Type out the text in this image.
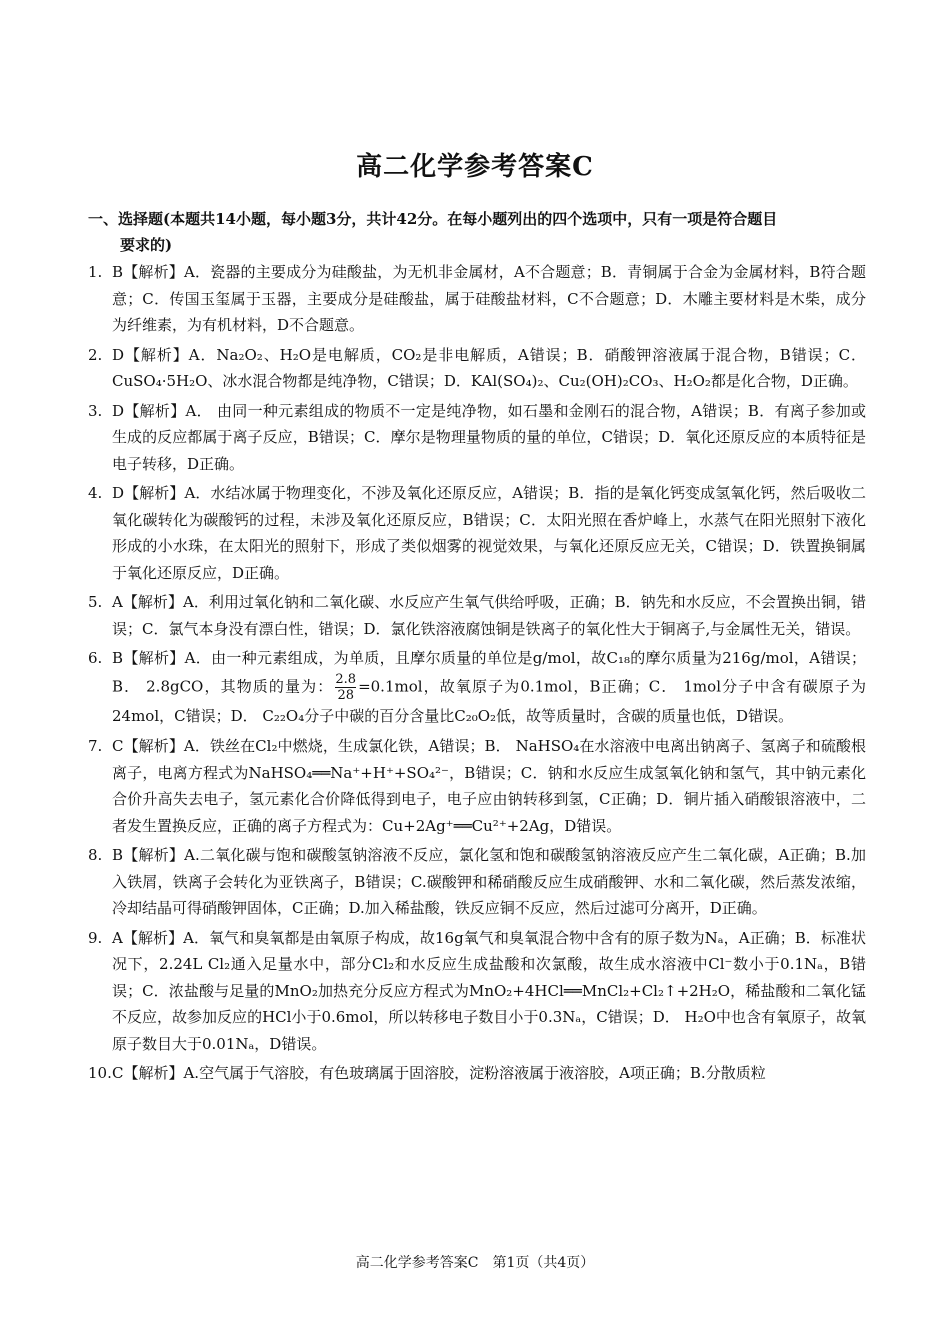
高二化学参考答案C
一、选择题(本题共14小题，每小题3分，共计42分。在每小题列出的四个选项中，只有一项是符合题目
要求的)
1. B【解析】A．瓷器的主要成分为硅酸盐，为无机非金属材，A不合题意；B．青铜属于合金为金属材料，B符合题意；C．传国玉玺属于玉器，主要成分是硅酸盐，属于硅酸盐材料，C不合题意；D．木雕主要材料是木柴，成分为纤维素，为有机材料，D不合题意。
2. D【解析】A．Na₂O₂、H₂O是电解质，CO₂是非电解质，A错误；B．硝酸钾溶液属于混合物，B错误；C．CuSO₄·5H₂O、冰水混合物都是纯净物，C错误；D．KAl(SO₄)₂、Cu₂(OH)₂CO₃、H₂O₂都是化合物，D正确。
3. D【解析】A． 由同一种元素组成的物质不一定是纯净物，如石墨和金刚石的混合物，A错误；B．有离子参加或生成的反应都属于离子反应，B错误；C．摩尔是物理量物质的量的单位，C错误；D．氧化还原反应的本质特征是电子转移，D正确。
4. D【解析】A．水结冰属于物理变化，不涉及氧化还原反应，A错误；B．指的是氧化钙变成氢氧化钙，然后吸收二氧化碳转化为碳酸钙的过程，未涉及氧化还原反应，B错误；C．太阳光照在香炉峰上，水蒸气在阳光照射下液化形成的小水珠，在太阳光的照射下，形成了类似烟雾的视觉效果，与氧化还原反应无关，C错误；D．铁置换铜属于氧化还原反应，D正确。
5. A【解析】A．利用过氧化钠和二氧化碳、水反应产生氧气供给呼吸，正确；B．钠先和水反应，不会置换出铜，错误；C．氯气本身没有漂白性，错误；D．氯化铁溶液腐蚀铜是铁离子的氧化性大于铜离子,与金属性无关，错误。
6. B【解析】A．由一种元素组成，为单质，且摩尔质量的单位是g/mol，故C₁₈的摩尔质量为216g/mol，A错误；B． 2.8gCO，其物质的量为： $\frac{2.8}{28} =0.1mol$，故氧原子为0.1mol，B正确；C． 1mol分子中含有碳原子为24mol，C错误；D． C₂₂O₄分子中碳的百分含量比C₂₀O₂低，故等质量时，含碳的质量也低，D错误。
7. C【解析】A．铁丝在Cl₂中燃烧，生成氯化铁，A错误；B． NaHSO₄在水溶液中电离出钠离子、氢离子和硫酸根离子，电离方程式为NaHSO₄══Na⁺+H⁺+SO₄²⁻，B错误；C．钠和水反应生成氢氧化钠和氢气，其中钠元素化合价升高失去电子，氢元素化合价降低得到电子，电子应由钠转移到氢，C正确；D．铜片插入硝酸银溶液中，二者发生置换反应，正确的离子方程式为：Cu+2Ag⁺══Cu²⁺+2Ag，D错误。
8. B【解析】A.二氧化碳与饱和碳酸氢钠溶液不反应，氯化氢和饱和碳酸氢钠溶液反应产生二氧化碳，A正确；B.加入铁屑，铁离子会转化为亚铁离子，B错误；C.碳酸钾和稀硝酸反应生成硝酸钾、水和二氧化碳，然后蒸发浓缩，冷却结晶可得硝酸钾固体，C正确；D.加入稀盐酸，铁反应铜不反应，然后过滤可分离开，D正确。
9. A【解析】A．氧气和臭氧都是由氧原子构成，故16g氧气和臭氧混合物中含有的原子数为Nₐ，A正确；B．标准状况下，2.24L Cl₂通入足量水中，部分Cl₂和水反应生成盐酸和次氯酸，故生成水溶液中Cl⁻数小于0.1Nₐ，B错误；C．浓盐酸与足量的MnO₂加热充分反应方程式为MnO₂+4HCl══MnCl₂+Cl₂↑+2H₂O，稀盐酸和二氧化锰不反应，故参加反应的HCl小于0.6mol，所以转移电子数目小于0.3Nₐ，C错误；D． H₂O中也含有氧原子，故氧原子数目大于0.01Nₐ，D错误。
10. C【解析】A.空气属于气溶胶，有色玻璃属于固溶胶，淀粉溶液属于液溶胶，A项正确；B.分散质粒
高二化学参考答案C　第1页（共4页）
